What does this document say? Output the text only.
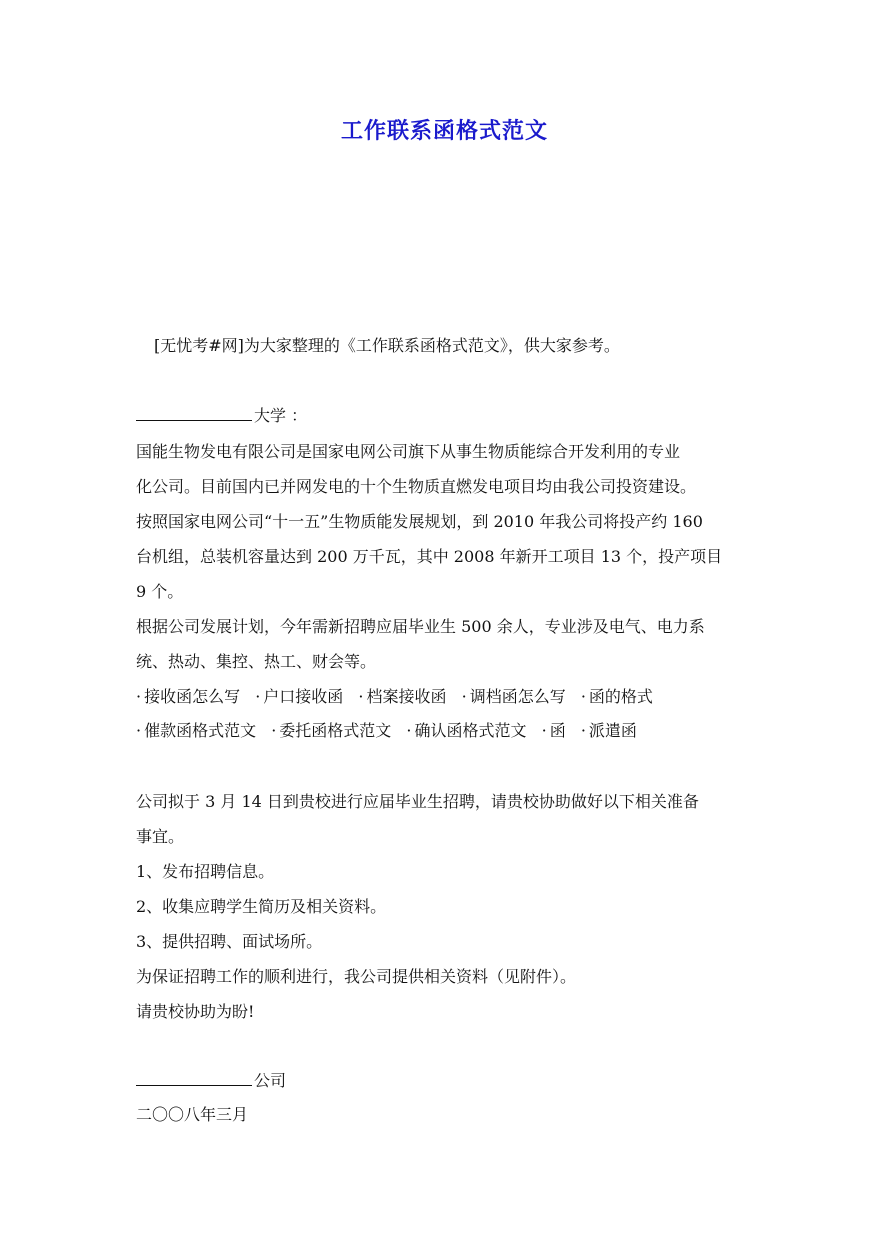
工作联系函格式范文
[无忧考#网]为大家整理的《工作联系函格式范文》，供大家参考。
大学 ：
国能生物发电有限公司是国家电网公司旗下从事生物质能综合开发利用的专业
化公司。目前国内已并网发电的十个生物质直燃发电项目均由我公司投资建设。
按照国家电网公司“十一五”生物质能发展规划，到 2010 年我公司将投产约 160
台机组，总装机容量达到 200 万千瓦，其中 2008 年新开工项目 13 个，投产项目
9 个。
根据公司发展计划，今年需新招聘应届毕业生 500 余人，专业涉及电气、电力系
统、热动、集控、热工、财会等。
· 接收函怎么写 · 户口接收函 · 档案接收函 · 调档函怎么写 · 函的格式
· 催款函格式范文 · 委托函格式范文 · 确认函格式范文 · 函 · 派遣函
公司拟于 3 月 14 日到贵校进行应届毕业生招聘，请贵校协助做好以下相关准备
事宜。
1、发布招聘信息。
2、收集应聘学生简历及相关资料。
3、提供招聘、面试场所。
为保证招聘工作的顺利进行，我公司提供相关资料（见附件）。
请贵校协助为盼!
公司
二〇〇八年三月
